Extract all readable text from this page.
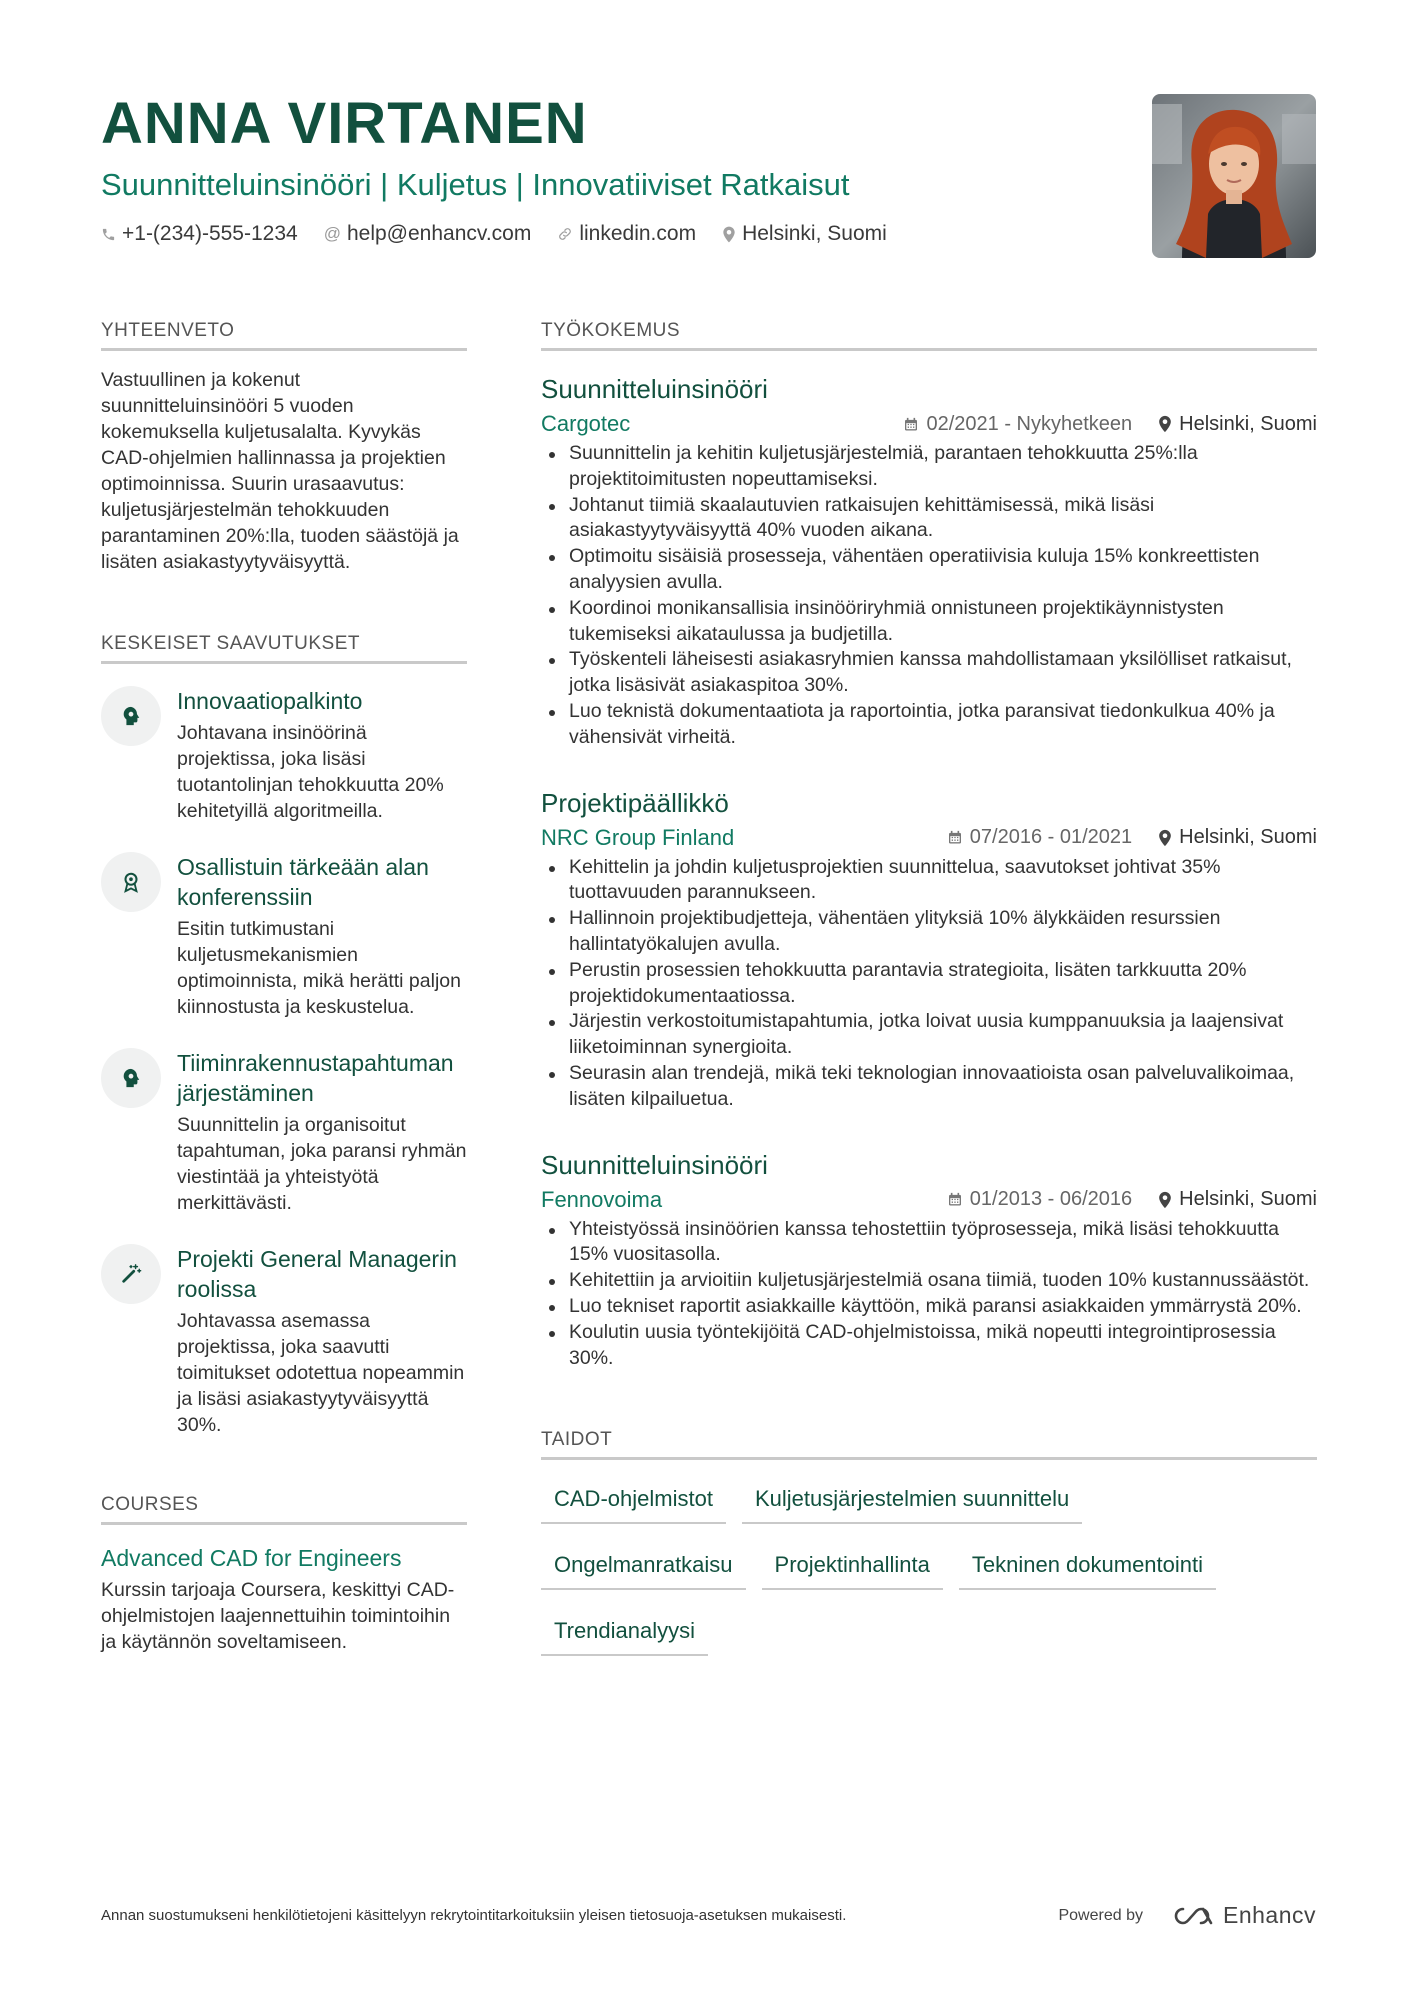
ANNA VIRTANEN
Suunnitteluinsinööri | Kuljetus | Innovatiiviset Ratkaisut
+1-(234)-555-1234 @ help@enhancv.com linkedin.com Helsinki, Suomi
YHTEENVETO
Vastuullinen ja kokenut suunnitteluinsinööri 5 vuoden kokemuksella kuljetusalalta. Kyvykäs CAD-ohjelmien hallinnassa ja projektien optimoinnissa. Suurin urasaavutus: kuljetusjärjestelmän tehokkuuden parantaminen 20%:lla, tuoden säästöjä ja lisäten asiakastyytyväisyyttä.
KESKEISET SAAVUTUKSET
Innovaatiopalkinto
Johtavana insinöörinä projektissa, joka lisäsi tuotantolinjan tehokkuutta 20% kehitetyillä algoritmeilla.
Osallistuin tärkeään alan konferenssiin
Esitin tutkimustani kuljetusmekanismien optimoinnista, mikä herätti paljon kiinnostusta ja keskustelua.
Tiiminrakennustapahtuman järjestäminen
Suunnittelin ja organisoitut tapahtuman, joka paransi ryhmän viestintää ja yhteistyötä merkittävästi.
Projekti General Managerin roolissa
Johtavassa asemassa projektissa, joka saavutti toimitukset odotettua nopeammin ja lisäsi asiakastyytyväisyyttä 30%.
COURSES
Advanced CAD for Engineers
Kurssin tarjoaja Coursera, keskittyi CAD-ohjelmistojen laajennettuihin toimintoihin ja käytännön soveltamiseen.
TYÖKOKEMUS
Suunnitteluinsinööri
Cargotec	02/2021 - Nykyhetkeen Helsinki, Suomi
Suunnittelin ja kehitin kuljetusjärjestelmiä, parantaen tehokkuutta 25%:lla projektitoimitusten nopeuttamiseksi.
Johtanut tiimiä skaalautuvien ratkaisujen kehittämisessä, mikä lisäsi asiakastyytyväisyyttä 40% vuoden aikana.
Optimoitu sisäisiä prosesseja, vähentäen operatiivisia kuluja 15% konkreettisten analyysien avulla.
Koordinoi monikansallisia insinööriryhmiä onnistuneen projektikäynnistysten tukemiseksi aikataulussa ja budjetilla.
Työskenteli läheisesti asiakasryhmien kanssa mahdollistamaan yksilölliset ratkaisut, jotka lisäsivät asiakaspitoa 30%.
Luo teknistä dokumentaatiota ja raportointia, jotka paransivat tiedonkulkua 40% ja vähensivät virheitä.
Projektipäällikkö
NRC Group Finland	07/2016 - 01/2021 Helsinki, Suomi
Kehittelin ja johdin kuljetusprojektien suunnittelua, saavutokset johtivat 35% tuottavuuden parannukseen.
Hallinnoin projektibudjetteja, vähentäen ylityksiä 10% älykkäiden resurssien hallintatyökalujen avulla.
Perustin prosessien tehokkuutta parantavia strategioita, lisäten tarkkuutta 20% projektidokumentaatiossa.
Järjestin verkostoitumistapahtumia, jotka loivat uusia kumppanuuksia ja laajensivat liiketoiminnan synergioita.
Seurasin alan trendejä, mikä teki teknologian innovaatioista osan palveluvalikoimaa, lisäten kilpailuetua.
Suunnitteluinsinööri
Fennovoima	01/2013 - 06/2016 Helsinki, Suomi
Yhteistyössä insinöörien kanssa tehostettiin työprosesseja, mikä lisäsi tehokkuutta 15% vuositasolla.
Kehitettiin ja arvioitiin kuljetusjärjestelmiä osana tiimiä, tuoden 10% kustannussäästöt.
Luo tekniset raportit asiakkaille käyttöön, mikä paransi asiakkaiden ymmärrystä 20%.
Koulutin uusia työntekijöitä CAD-ohjelmistoissa, mikä nopeutti integrointiprosessia 30%.
TAIDOT
CAD-ohjelmistot	Kuljetusjärjestelmien suunnittelu
Ongelmanratkaisu	Projektinhallinta	Tekninen dokumentointi
Trendianalyysi
Annan suostumukseni henkilötietojeni käsittelyyn rekrytointitarkoituksiin yleisen tietosuoja-asetuksen mukaisesti.	Powered by	Enhancv
